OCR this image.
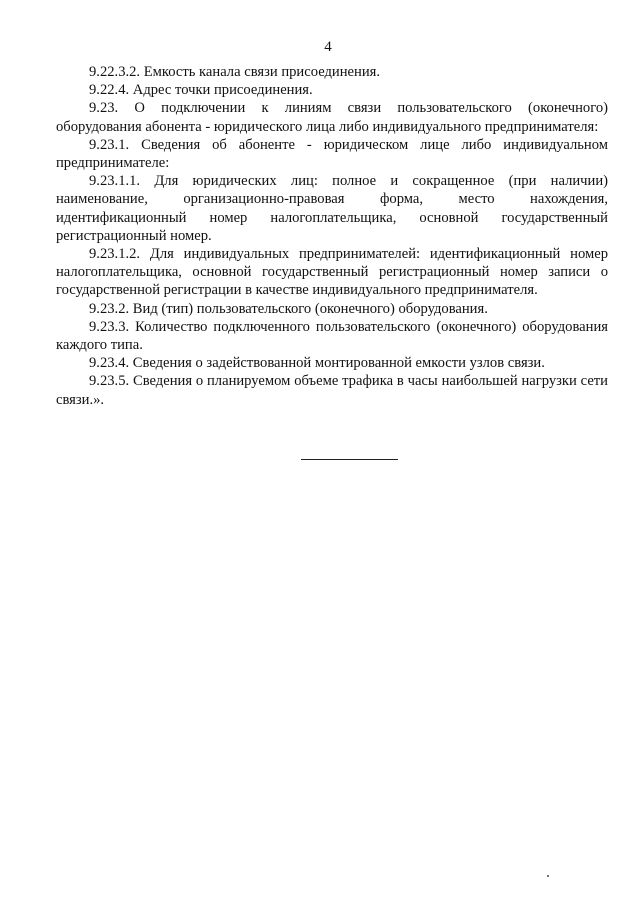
4

9.22.3.2. Емкость канала связи присоединения.

9.22.4. Адрес точки присоединения.

9.23. О подключении к линиям связи пользовательского (оконечного) оборудования абонента - юридического лица либо индивидуального предпринимателя:

9.23.1. Сведения об абоненте - юридическом лице либо индивидуальном предпринимателе:

9.23.1.1. Для юридических лиц: полное и сокращенное (при наличии) наименование, организационно-правовая форма, место нахождения, идентификационный номер налогоплательщика, основной государственный регистрационный номер.

9.23.1.2. Для индивидуальных предпринимателей: идентификационный номер налогоплательщика, основной государственный регистрационный номер записи о государственной регистрации в качестве индивидуального предпринимателя.

9.23.2. Вид (тип) пользовательского (оконечного) оборудования.

9.23.3. Количество подключенного пользовательского (оконечного) оборудования каждого типа.

9.23.4. Сведения о задействованной монтированной емкости узлов связи.

9.23.5. Сведения о планируемом объеме трафика в часы наибольшей нагрузки сети связи.».
